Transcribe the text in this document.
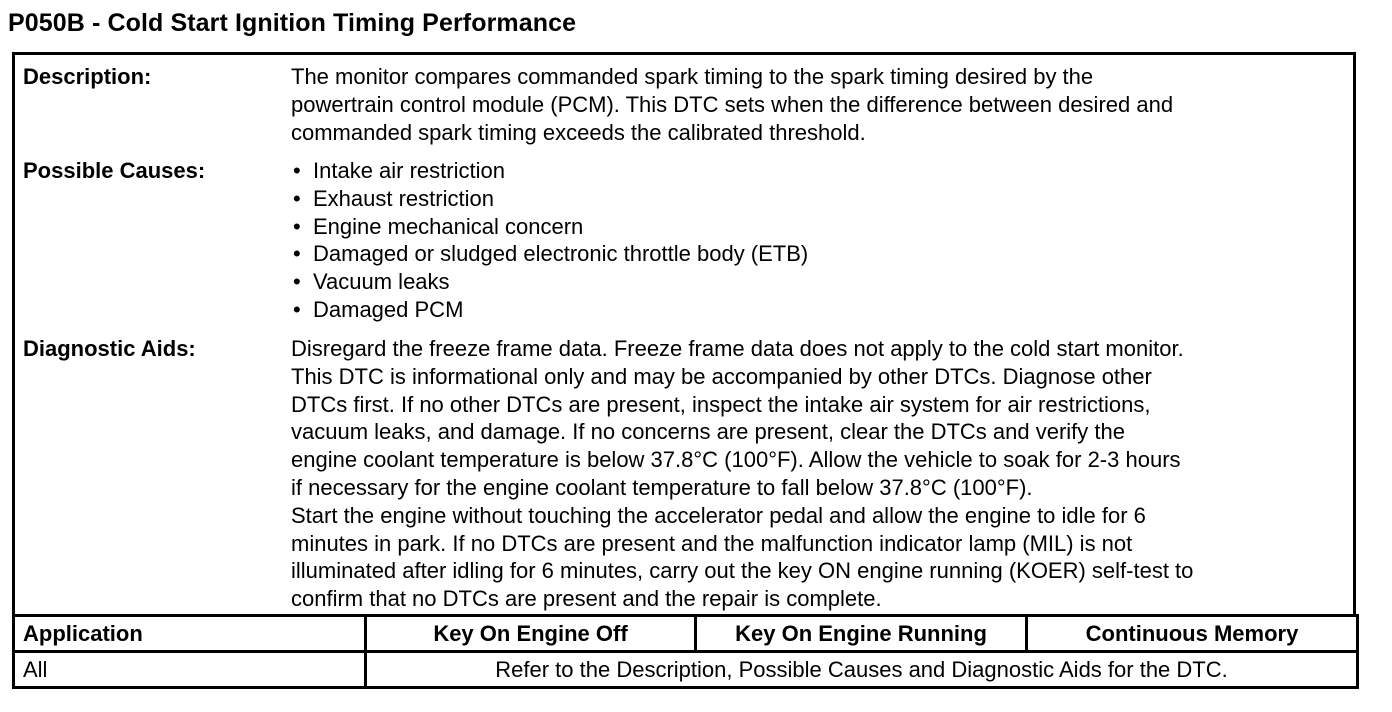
P050B - Cold Start Ignition Timing Performance
Description:	The monitor compares commanded spark timing to the spark timing desired by the

powertrain control module (PCM). This DTC sets when the difference between desired and

commanded spark timing exceeds the calibrated threshold.

Possible Causes:	• Intake air restriction
• Exhaust restriction
• Engine mechanical concern
• Damaged or sludged electronic throttle body (ETB)
• Vacuum leaks
• Damaged PCM
Diagnostic Aids:	Disregard the freeze frame data. Freeze frame data does not apply to the cold start monitor.

This DTC is informational only and may be accompanied by other DTCs. Diagnose other

DTCs first. If no other DTCs are present, inspect the intake air system for air restrictions,

vacuum leaks, and damage. If no concerns are present, clear the DTCs and verify the

engine coolant temperature is below 37.8°C (100°F). Allow the vehicle to soak for 2-3 hours

if necessary for the engine coolant temperature to fall below 37.8°C (100°F).

Start the engine without touching the accelerator pedal and allow the engine to idle for 6

minutes in park. If no DTCs are present and the malfunction indicator lamp (MIL) is not

illuminated after idling for 6 minutes, carry out the key ON engine running (KOER) self-test to

confirm that no DTCs are present and the repair is complete.

Application	Key On Engine Off	Key On Engine Running	Continuous Memory
All	Refer to the Description, Possible Causes and Diagnostic Aids for the DTC.		
